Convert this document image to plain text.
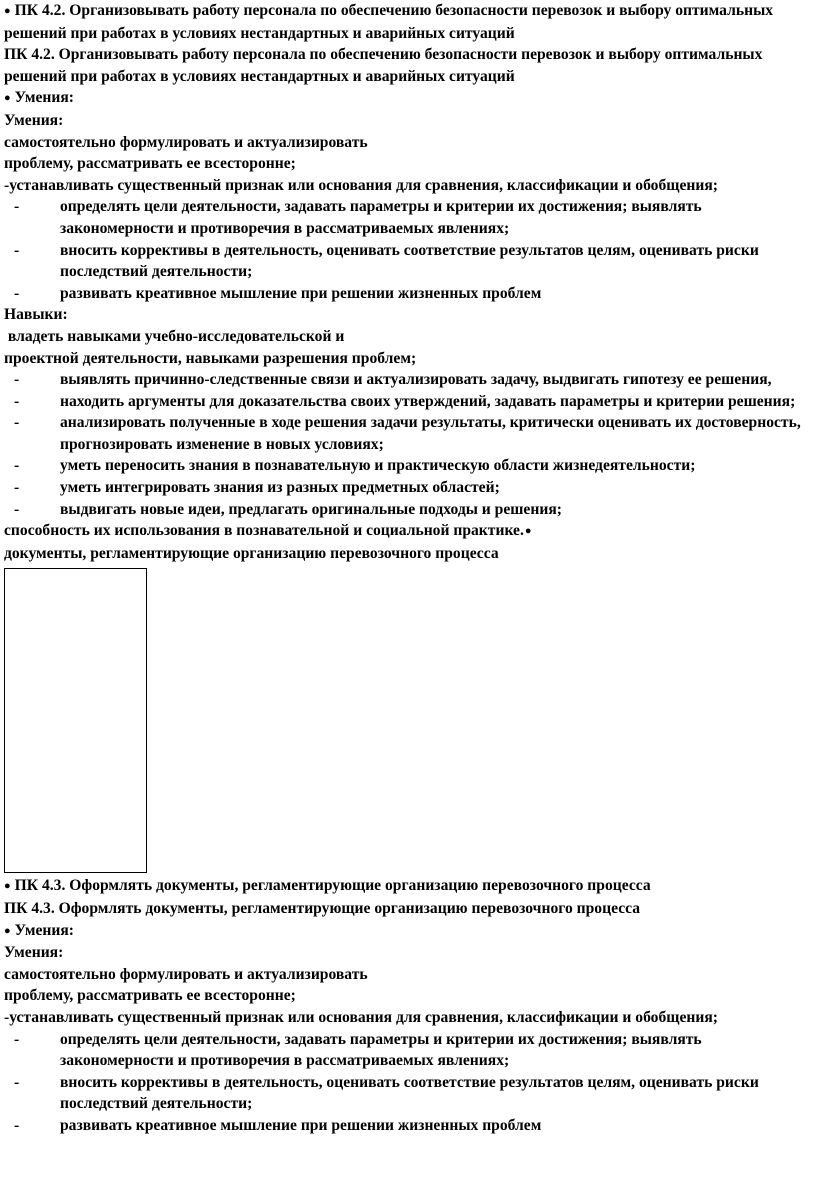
● ПК 4.2. Организовывать работу персонала по обеспечению безопасности перевозок и выбору оптимальных решений при работах в условиях нестандартных и аварийных ситуаций

ПК 4.2. Организовывать работу персонала по обеспечению безопасности перевозок и выбору оптимальных решений при работах в условиях нестандартных и аварийных ситуаций

● Умения:

Умения:

самостоятельно формулировать и актуализировать

проблему, рассматривать ее всесторонне;

-устанавливать существенный признак или основания для сравнения, классификации и обобщения;

-	определять цели деятельности, задавать параметры и критерии их достижения; выявлять закономерности и противоречия в рассматриваемых явлениях;
-	вносить коррективы в деятельность, оценивать соответствие результатов целям, оценивать риски последствий деятельности;
-	развивать креативное мышление при решении жизненных проблем

Навыки:

владеть навыками учебно-исследовательской и

проектной деятельности, навыками разрешения проблем;

-	выявлять причинно-следственные связи и актуализировать задачу, выдвигать гипотезу ее решения,
-	находить аргументы для доказательства своих утверждений, задавать параметры и критерии решения;
-	анализировать полученные в ходе решения задачи результаты, критически оценивать их достоверность, прогнозировать изменение в новых условиях;
-	уметь переносить знания в познавательную и практическую области жизнедеятельности;
-	уметь интегрировать знания из разных предметных областей;
-	выдвигать новые идеи, предлагать оригинальные подходы и решения;

способность их использования в познавательной и социальной практике.●

документы, регламентирующие организацию перевозочного процесса

● ПК 4.3. Оформлять документы, регламентирующие организацию перевозочного процесса

ПК 4.3. Оформлять документы, регламентирующие организацию перевозочного процесса

● Умения:

Умения:

самостоятельно формулировать и актуализировать

проблему, рассматривать ее всесторонне;

-устанавливать существенный признак или основания для сравнения, классификации и обобщения;

-	определять цели деятельности, задавать параметры и критерии их достижения; выявлять закономерности и противоречия в рассматриваемых явлениях;
-	вносить коррективы в деятельность, оценивать соответствие результатов целям, оценивать риски последствий деятельности;
-	развивать креативное мышление при решении жизненных проблем
